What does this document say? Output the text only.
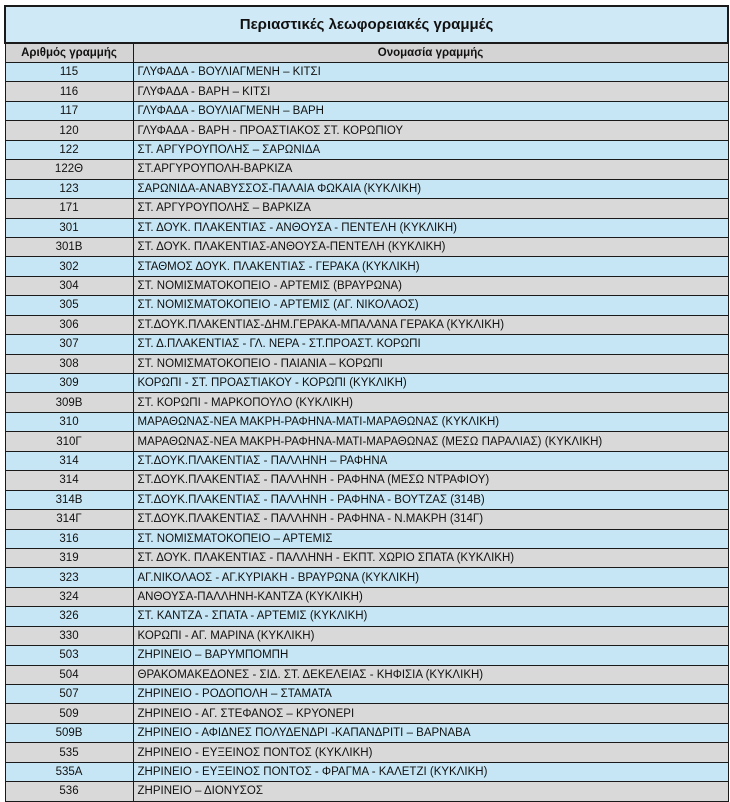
Περιαστικές λεωφορειακές γραμμές	
Αριθμός γραμμής	Ονομασία γραμμής
115	ΓΛΥΦΑΔΑ - ΒΟΥΛΙΑΓΜΕΝΗ – ΚΙΤΣΙ
116	ΓΛΥΦΑΔΑ - ΒΑΡΗ – ΚΙΤΣΙ
117	ΓΛΥΦΑΔΑ - ΒΟΥΛΙΑΓΜΕΝΗ – ΒΑΡΗ
120	ΓΛΥΦΑΔΑ - ΒΑΡΗ - ΠΡΟΑΣΤΙΑΚΟΣ ΣΤ. ΚΟΡΩΠΙΟΥ
122	ΣΤ. ΑΡΓΥΡΟΥΠΟΛΗΣ – ΣΑΡΩΝΙΔΑ
122Θ	ΣΤ.ΑΡΓΥΡΟΥΠΟΛΗ-ΒΑΡΚΙΖΑ
123	ΣΑΡΩΝΙΔΑ-ΑΝΑΒΥΣΣΟΣ-ΠΑΛΑΙΑ ΦΩΚΑΙΑ (ΚΥΚΛΙΚΗ)
171	ΣΤ. ΑΡΓΥΡΟΥΠΟΛΗΣ – ΒΑΡΚΙΖΑ
301	ΣΤ. ΔΟΥΚ. ΠΛΑΚΕΝΤΙΑΣ - ΑΝΘΟΥΣΑ - ΠΕΝΤΕΛΗ (ΚΥΚΛΙΚΗ)
301Β	ΣΤ. ΔΟΥΚ. ΠΛΑΚΕΝΤΙΑΣ-ΑΝΘΟΥΣΑ-ΠΕΝΤΕΛΗ (ΚΥΚΛΙΚΗ)
302	ΣΤΑΘΜΟΣ ΔΟΥΚ. ΠΛΑΚΕΝΤΙΑΣ - ΓΕΡΑΚΑ (ΚΥΚΛΙΚΗ)
304	ΣΤ. ΝΟΜΙΣΜΑΤΟΚΟΠΕΙΟ - ΑΡΤΕΜΙΣ (ΒΡΑΥΡΩΝΑ)
305	ΣΤ. ΝΟΜΙΣΜΑΤΟΚΟΠΕΙΟ - ΑΡΤΕΜΙΣ (ΑΓ. ΝΙΚΟΛΑΟΣ)
306	ΣΤ.ΔΟΥΚ.ΠΛΑΚΕΝΤΙΑΣ-ΔΗΜ.ΓΕΡΑΚΑ-ΜΠΑΛΑΝΑ ΓΕΡΑΚΑ (ΚΥΚΛΙΚΗ)
307	ΣΤ. Δ.ΠΛΑΚΕΝΤΙΑΣ - ΓΛ. ΝΕΡΑ - ΣΤ.ΠΡΟΑΣΤ. ΚΟΡΩΠΙ
308	ΣΤ. ΝΟΜΙΣΜΑΤΟΚΟΠΕΙΟ - ΠΑΙΑΝΙΑ – ΚΟΡΩΠΙ
309	ΚΟΡΩΠΙ - ΣΤ. ΠΡΟΑΣΤΙΑΚΟΥ - ΚΟΡΩΠΙ (ΚΥΚΛΙΚΗ)
309Β	ΣΤ. ΚΟΡΩΠΙ - ΜΑΡΚΟΠΟΥΛΟ (ΚΥΚΛΙΚΗ)
310	ΜΑΡΑΘΩΝΑΣ-ΝΕΑ ΜΑΚΡΗ-ΡΑΦΗΝΑ-ΜΑΤΙ-ΜΑΡΑΘΩΝΑΣ (ΚΥΚΛΙΚΗ)
310Γ	ΜΑΡΑΘΩΝΑΣ-ΝΕΑ ΜΑΚΡΗ-ΡΑΦΗΝΑ-ΜΑΤΙ-ΜΑΡΑΘΩΝΑΣ (ΜΕΣΩ ΠΑΡΑΛΙΑΣ) (ΚΥΚΛΙΚΗ)
314	ΣΤ.ΔΟΥΚ.ΠΛΑΚΕΝΤΙΑΣ - ΠΑΛΛΗΝΗ – ΡΑΦΗΝΑ
314	ΣΤ.ΔΟΥΚ.ΠΛΑΚΕΝΤΙΑΣ - ΠΑΛΛΗΝΗ - ΡΑΦΗΝΑ (ΜΕΣΩ ΝΤΡΑΦΙΟΥ)
314Β	ΣΤ.ΔΟΥΚ.ΠΛΑΚΕΝΤΙΑΣ - ΠΑΛΛΗΝΗ - ΡΑΦΗΝΑ - ΒΟΥΤΖΑΣ (314Β)
314Γ	ΣΤ.ΔΟΥΚ.ΠΛΑΚΕΝΤΙΑΣ - ΠΑΛΛΗΝΗ - ΡΑΦΗΝΑ - Ν.ΜΑΚΡΗ (314Γ)
316	ΣΤ. ΝΟΜΙΣΜΑΤΟΚΟΠΕΙΟ – ΑΡΤΕΜΙΣ
319	ΣΤ. ΔΟΥΚ. ΠΛΑΚΕΝΤΙΑΣ - ΠΑΛΛΗΝΗ - ΕΚΠΤ. ΧΩΡΙΟ ΣΠΑΤΑ (ΚΥΚΛΙΚΗ)
323	ΑΓ.ΝΙΚΟΛΑΟΣ - ΑΓ.ΚΥΡΙΑΚΗ - ΒΡΑΥΡΩΝΑ (ΚΥΚΛΙΚΗ)
324	ΑΝΘΟΥΣΑ-ΠΑΛΛΗΝΗ-ΚΑΝΤΖΑ (ΚΥΚΛΙΚΗ)
326	ΣΤ. ΚΑΝΤΖΑ - ΣΠΑΤΑ - ΑΡΤΕΜΙΣ (ΚΥΚΛΙΚΗ)
330	ΚΟΡΩΠΙ - ΑΓ. ΜΑΡΙΝΑ (ΚΥΚΛΙΚΗ)
503	ΖΗΡΙΝΕΙΟ – ΒΑΡΥΜΠΟΜΠΗ
504	ΘΡΑΚΟΜΑΚΕΔΟΝΕΣ - ΣΙΔ. ΣΤ. ΔΕΚΕΛΕΙΑΣ - ΚΗΦΙΣΙΑ (ΚΥΚΛΙΚΗ)
507	ΖΗΡΙΝΕΙΟ - ΡΟΔΟΠΟΛΗ – ΣΤΑΜΑΤΑ
509	ΖΗΡΙΝΕΙΟ - ΑΓ. ΣΤΕΦΑΝΟΣ – ΚΡΥΟΝΕΡΙ
509Β	ΖΗΡΙΝΕΙΟ - ΑΦΙΔΝΕΣ ΠΟΛΥΔΕΝΔΡΙ -ΚΑΠΑΝΔΡΙΤΙ – ΒΑΡΝΑΒΑ
535	ΖΗΡΙΝΕΙΟ - ΕΥΞΕΙΝΟΣ ΠΟΝΤΟΣ (ΚΥΚΛΙΚΗ)
535Α	ΖΗΡΙΝΕΙΟ - ΕΥΞΕΙΝΟΣ ΠΟΝΤΟΣ - ΦΡΑΓΜΑ - ΚΑΛΕΤΖΙ (ΚΥΚΛΙΚΗ)
536	ΖΗΡΙΝΕΙΟ – ΔΙΟΝΥΣΟΣ
